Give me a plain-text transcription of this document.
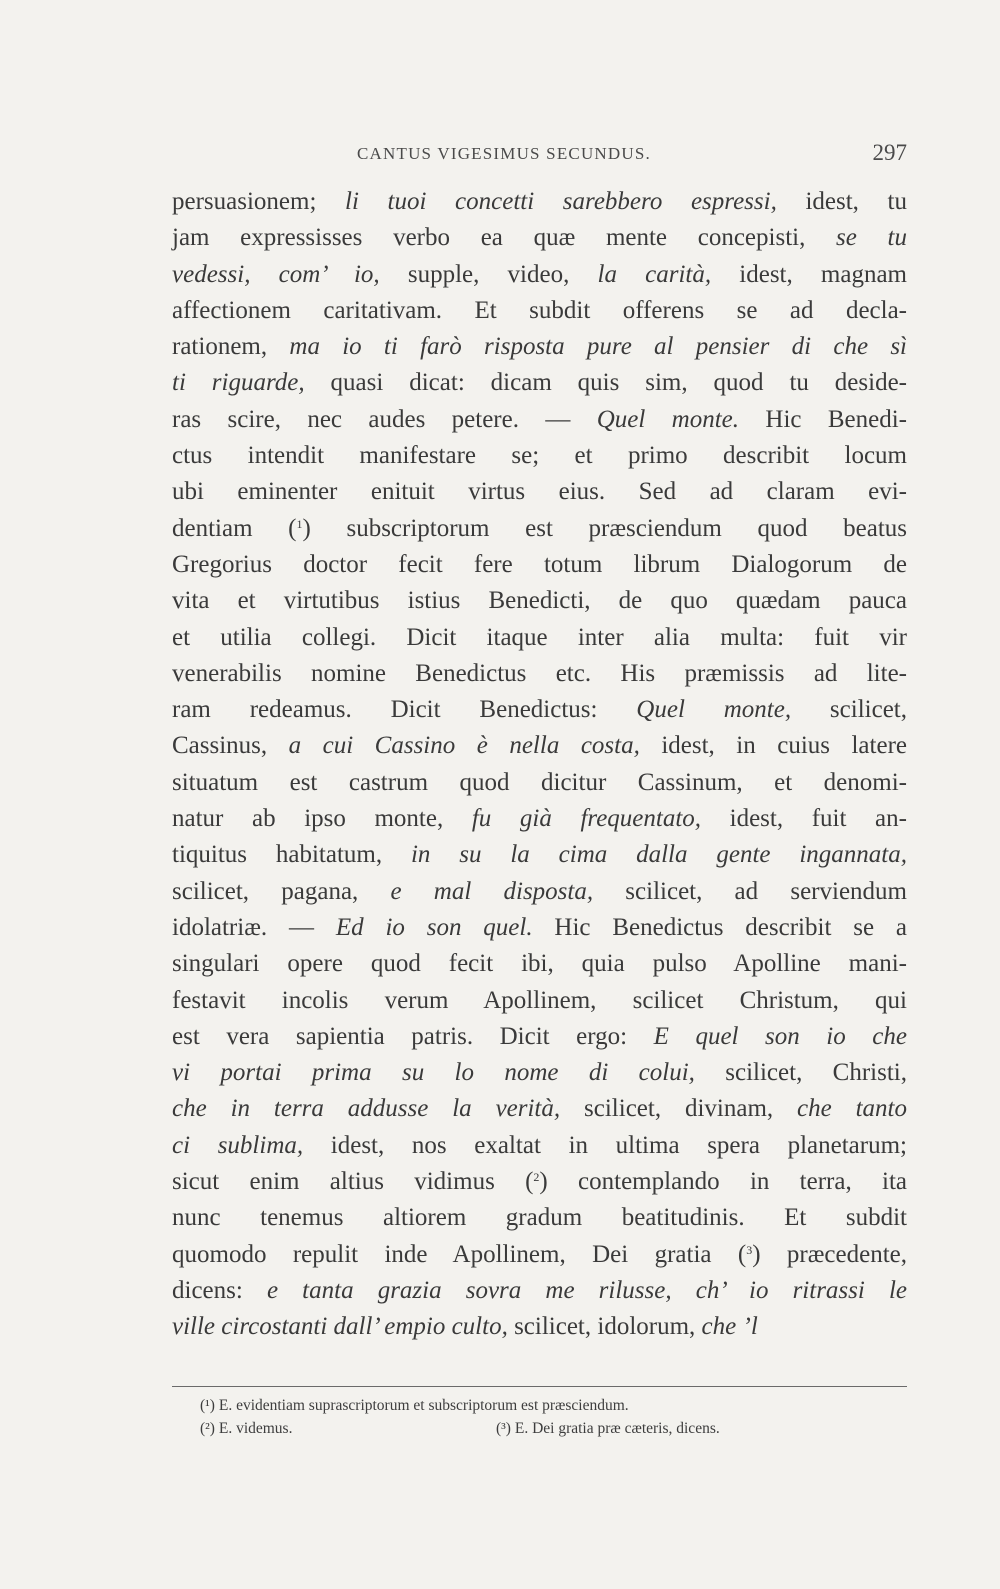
CANTUS VIGESIMUS SECUNDUS.	297
persuasionem; li tuoi concetti sarebbero espressi, idest, tu
jam expressisses verbo ea quæ mente concepisti, se tu
vedessi, com’ io, supple, video, la carità, idest, magnam
affectionem caritativam. Et subdit offerens se ad decla-
rationem, ma io ti farò risposta pure al pensier di che sì
ti riguarde, quasi dicat: dicam quis sim, quod tu deside-
ras scire, nec audes petere. — Quel monte. Hic Benedi-
ctus intendit manifestare se; et primo describit locum
ubi eminenter enituit virtus eius. Sed ad claram evi-
dentiam ($^1$) subscriptorum est præsciendum quod beatus
Gregorius doctor fecit fere totum librum Dialogorum de
vita et virtutibus istius Benedicti, de quo quædam pauca
et utilia collegi. Dicit itaque inter alia multa: fuit vir
venerabilis nomine Benedictus etc. His præmissis ad lite-
ram redeamus. Dicit Benedictus: Quel monte, scilicet,
Cassinus, a cui Cassino è nella costa, idest, in cuius latere
situatum est castrum quod dicitur Cassinum, et denomi-
natur ab ipso monte, fu già frequentato, idest, fuit an-
tiquitus habitatum, in su la cima dalla gente ingannata,
scilicet, pagana, e mal disposta, scilicet, ad serviendum
idolatriæ. — Ed io son quel. Hic Benedictus describit se a
singulari opere quod fecit ibi, quia pulso Apolline mani-
festavit incolis verum Apollinem, scilicet Christum, qui
est vera sapientia patris. Dicit ergo: E quel son io che
vi portai prima su lo nome di colui, scilicet, Christi,
che in terra addusse la verità, scilicet, divinam, che tanto
ci sublima, idest, nos exaltat in ultima spera planetarum;
sicut enim altius vidimus ($^2$) contemplando in terra, ita
nunc tenemus altiorem gradum beatitudinis. Et subdit
quomodo repulit inde Apollinem, Dei gratia ($^3$) præcedente,
dicens: e tanta grazia sovra me rilusse, ch’ io ritrassi le
ville circostanti dall’ empio culto, scilicet, idolorum, che ’l
(¹) E. evidentiam suprascriptorum et subscriptorum est præsciendum.
(²) E. videmus.	(³) E. Dei gratia præ cæteris, dicens.
